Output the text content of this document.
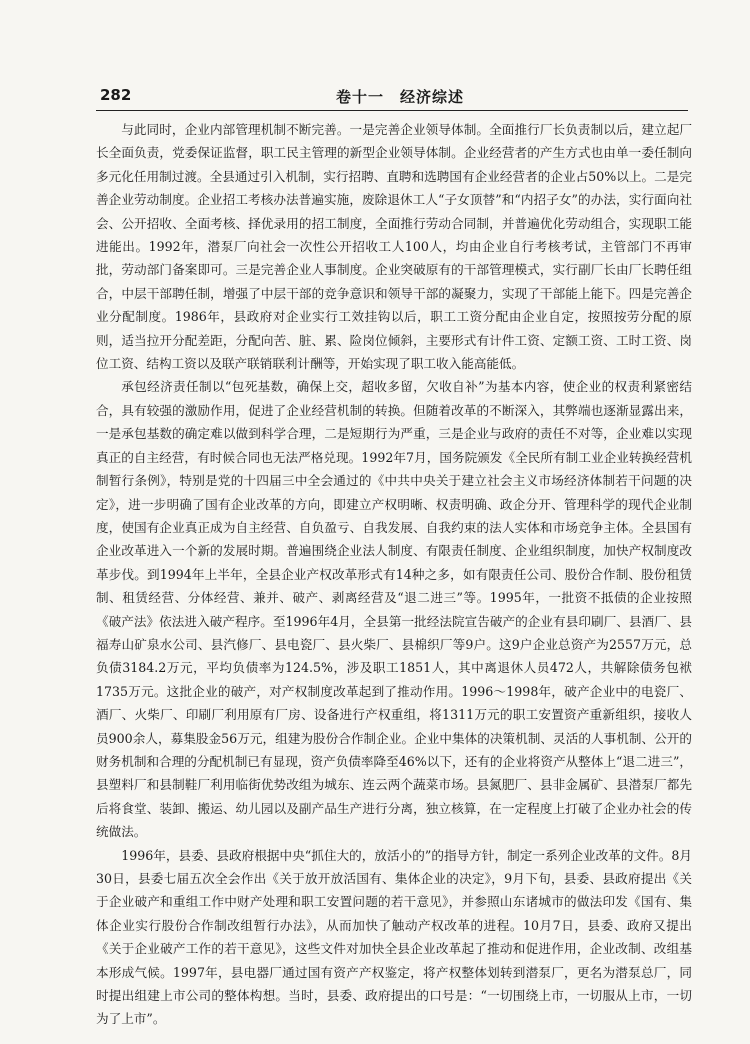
282	卷十一　经济综述

与此同时，企业内部管理机制不断完善。一是完善企业领导体制。全面推行厂长负责制以后，建立起厂长全面负责，党委保证监督，职工民主管理的新型企业领导体制。企业经营者的产生方式也由单一委任制向多元化任用制过渡。全县通过引入机制，实行招聘、直聘和选聘国有企业经营者的企业占50%以上。二是完善企业劳动制度。企业招工考核办法普遍实施，废除退休工人“子女顶替”和“内招子女”的办法，实行面向社会、公开招收、全面考核、择优录用的招工制度，全面推行劳动合同制，并普遍优化劳动组合，实现职工能进能出。1992年，潜泵厂向社会一次性公开招收工人100人，均由企业自行考核考试，主管部门不再审批，劳动部门备案即可。三是完善企业人事制度。企业突破原有的干部管理模式，实行副厂长由厂长聘任组合，中层干部聘任制，增强了中层干部的竞争意识和领导干部的凝聚力，实现了干部能上能下。四是完善企业分配制度。1986年，县政府对企业实行工效挂钩以后，职工工资分配由企业自定，按照按劳分配的原则，适当拉开分配差距，分配向苦、脏、累、险岗位倾斜，主要形式有计件工资、定额工资、工时工资、岗位工资、结构工资以及联产联销联利计酬等，开始实现了职工收入能高能低。

承包经济责任制以“包死基数，确保上交，超收多留，欠收自补”为基本内容，使企业的权责利紧密结合，具有较强的激励作用，促进了企业经营机制的转换。但随着改革的不断深入，其弊端也逐渐显露出来，一是承包基数的确定难以做到科学合理，二是短期行为严重，三是企业与政府的责任不对等，企业难以实现真正的自主经营，有时候合同也无法严格兑现。1992年7月，国务院颁发《全民所有制工业企业转换经营机制暂行条例》，特别是党的十四届三中全会通过的《中共中央关于建立社会主义市场经济体制若干问题的决定》，进一步明确了国有企业改革的方向，即建立产权明晰、权责明确、政企分开、管理科学的现代企业制度，使国有企业真正成为自主经营、自负盈亏、自我发展、自我约束的法人实体和市场竞争主体。全县国有企业改革进入一个新的发展时期。普遍围绕企业法人制度、有限责任制度、企业组织制度，加快产权制度改革步伐。到1994年上半年，全县企业产权改革形式有14种之多，如有限责任公司、股份合作制、股份租赁制、租赁经营、分体经营、兼并、破产、剥离经营及“退二进三”等。1995年，一批资不抵债的企业按照《破产法》依法进入破产程序。至1996年4月，全县第一批经法院宣告破产的企业有县印刷厂、县酒厂、县福寿山矿泉水公司、县汽修厂、县电瓷厂、县火柴厂、县棉织厂等9户。这9户企业总资产为2557万元，总负债3184.2万元，平均负债率为124.5%，涉及职工1851人，其中离退休人员472人，共解除债务包袱1735万元。这批企业的破产，对产权制度改革起到了推动作用。1996～1998年，破产企业中的电瓷厂、酒厂、火柴厂、印刷厂利用原有厂房、设备进行产权重组，将1311万元的职工安置资产重新组织，接收人员900余人，募集股金56万元，组建为股份合作制企业。企业中集体的决策机制、灵活的人事机制、公开的财务机制和合理的分配机制已有显现，资产负债率降至46%以下，还有的企业将资产从整体上“退二进三”，县塑料厂和县制鞋厂利用临街优势改组为城东、连云两个蔬菜市场。县氮肥厂、县非金属矿、县潜泵厂都先后将食堂、装卸、搬运、幼儿园以及副产品生产进行分离，独立核算，在一定程度上打破了企业办社会的传统做法。

1996年，县委、县政府根据中央“抓住大的，放活小的”的指导方针，制定一系列企业改革的文件。8月30日，县委七届五次全会作出《关于放开放活国有、集体企业的决定》，9月下旬，县委、县政府提出《关于企业破产和重组工作中财产处理和职工安置问题的若干意见》，并参照山东诸城市的做法印发《国有、集体企业实行股份合作制改组暂行办法》，从而加快了触动产权改革的进程。10月7日，县委、政府又提出《关于企业破产工作的若干意见》，这些文件对加快全县企业改革起了推动和促进作用，企业改制、改组基本形成气候。1997年，县电器厂通过国有资产产权鉴定，将产权整体划转到潜泵厂，更名为潜泵总厂，同时提出组建上市公司的整体构想。当时，县委、政府提出的口号是：“一切围绕上市，一切服从上市，一切为了上市”。
